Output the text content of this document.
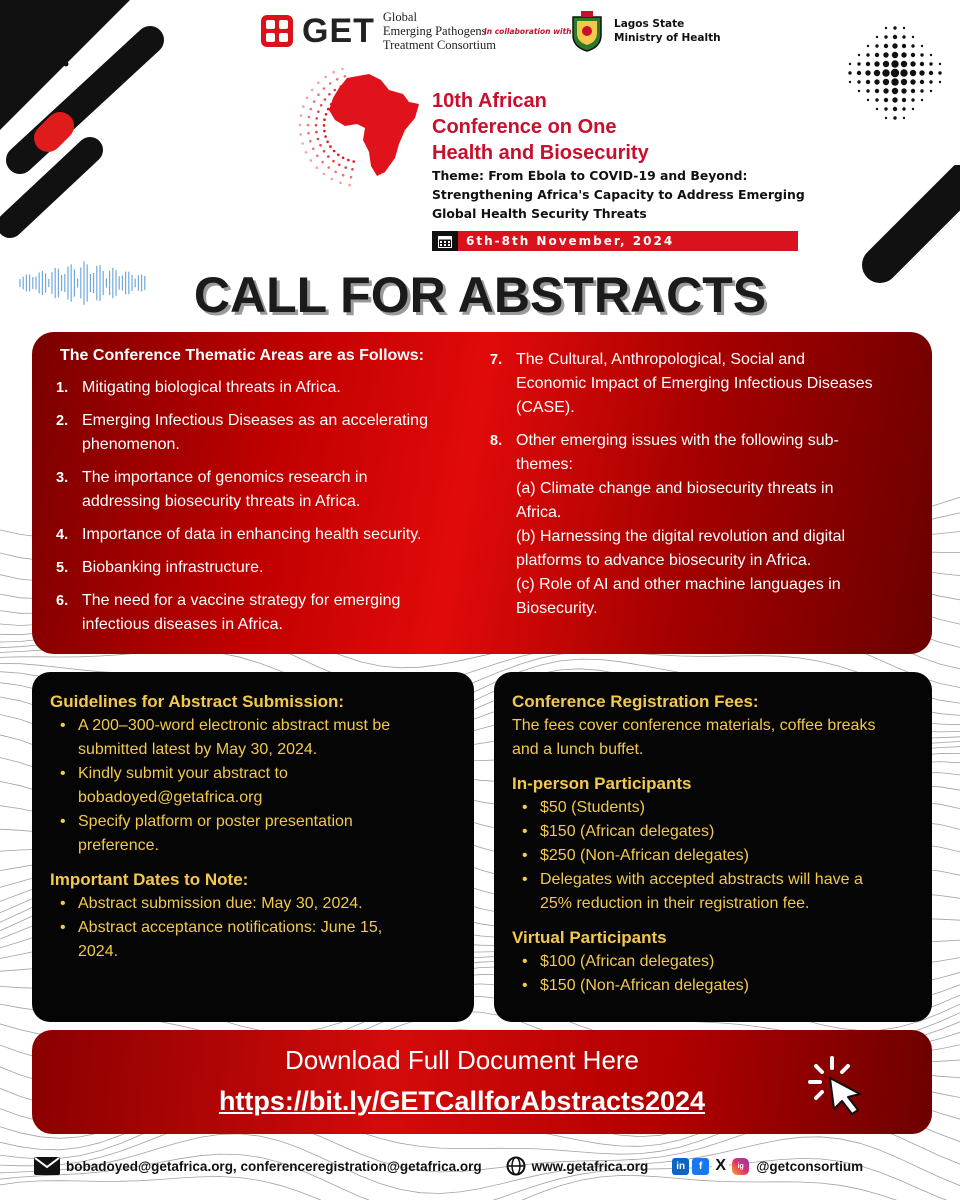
GET Global
Emerging Pathogens
Treatment Consortium
In collaboration with
Lagos State
Ministry of Health
10th African
Conference on One
Health and Biosecurity
Theme: From Ebola to COVID-19 and Beyond:
Strengthening Africa's Capacity to Address Emerging
Global Health Security Threats
6th-8th November, 2024
CALL FOR ABSTRACTS
The Conference Thematic Areas are as Follows:
1. Mitigating biological threats in Africa.
2. Emerging Infectious Diseases as an accelerating
phenomenon.
3. The importance of genomics research in
addressing biosecurity threats in Africa.
4. Importance of data in enhancing health security.
5. Biobanking infrastructure.
6. The need for a vaccine strategy for emerging
infectious diseases in Africa.
7. The Cultural, Anthropological, Social and
Economic Impact of Emerging Infectious Diseases
(CASE).
8. Other emerging issues with the following sub-
themes:
(a) Climate change and biosecurity threats in
Africa.
(b) Harnessing the digital revolution and digital
platforms to advance biosecurity in Africa.
(c) Role of AI and other machine languages in
Biosecurity.
Guidelines for Abstract Submission:
• A 200–300-word electronic abstract must be
submitted latest by May 30, 2024.
• Kindly submit your abstract to
bobadoyed@getafrica.org
• Specify platform or poster presentation
preference.
Important Dates to Note:
• Abstract submission due: May 30, 2024.
• Abstract acceptance notifications: June 15,
2024.
Conference Registration Fees:
The fees cover conference materials, coffee breaks
and a lunch buffet.
In-person Participants
• $50 (Students)
• $150 (African delegates)
• $250 (Non-African delegates)
• Delegates with accepted abstracts will have a
25% reduction in their registration fee.
Virtual Participants
• $100 (African delegates)
• $150 (Non-African delegates)
Download Full Document Here
https://bit.ly/GETCallforAbstracts2024
bobadoyed@getafrica.org, conferenceregistration@getafrica.org	www.getafrica.org	in	f X	ig @getconsortium
